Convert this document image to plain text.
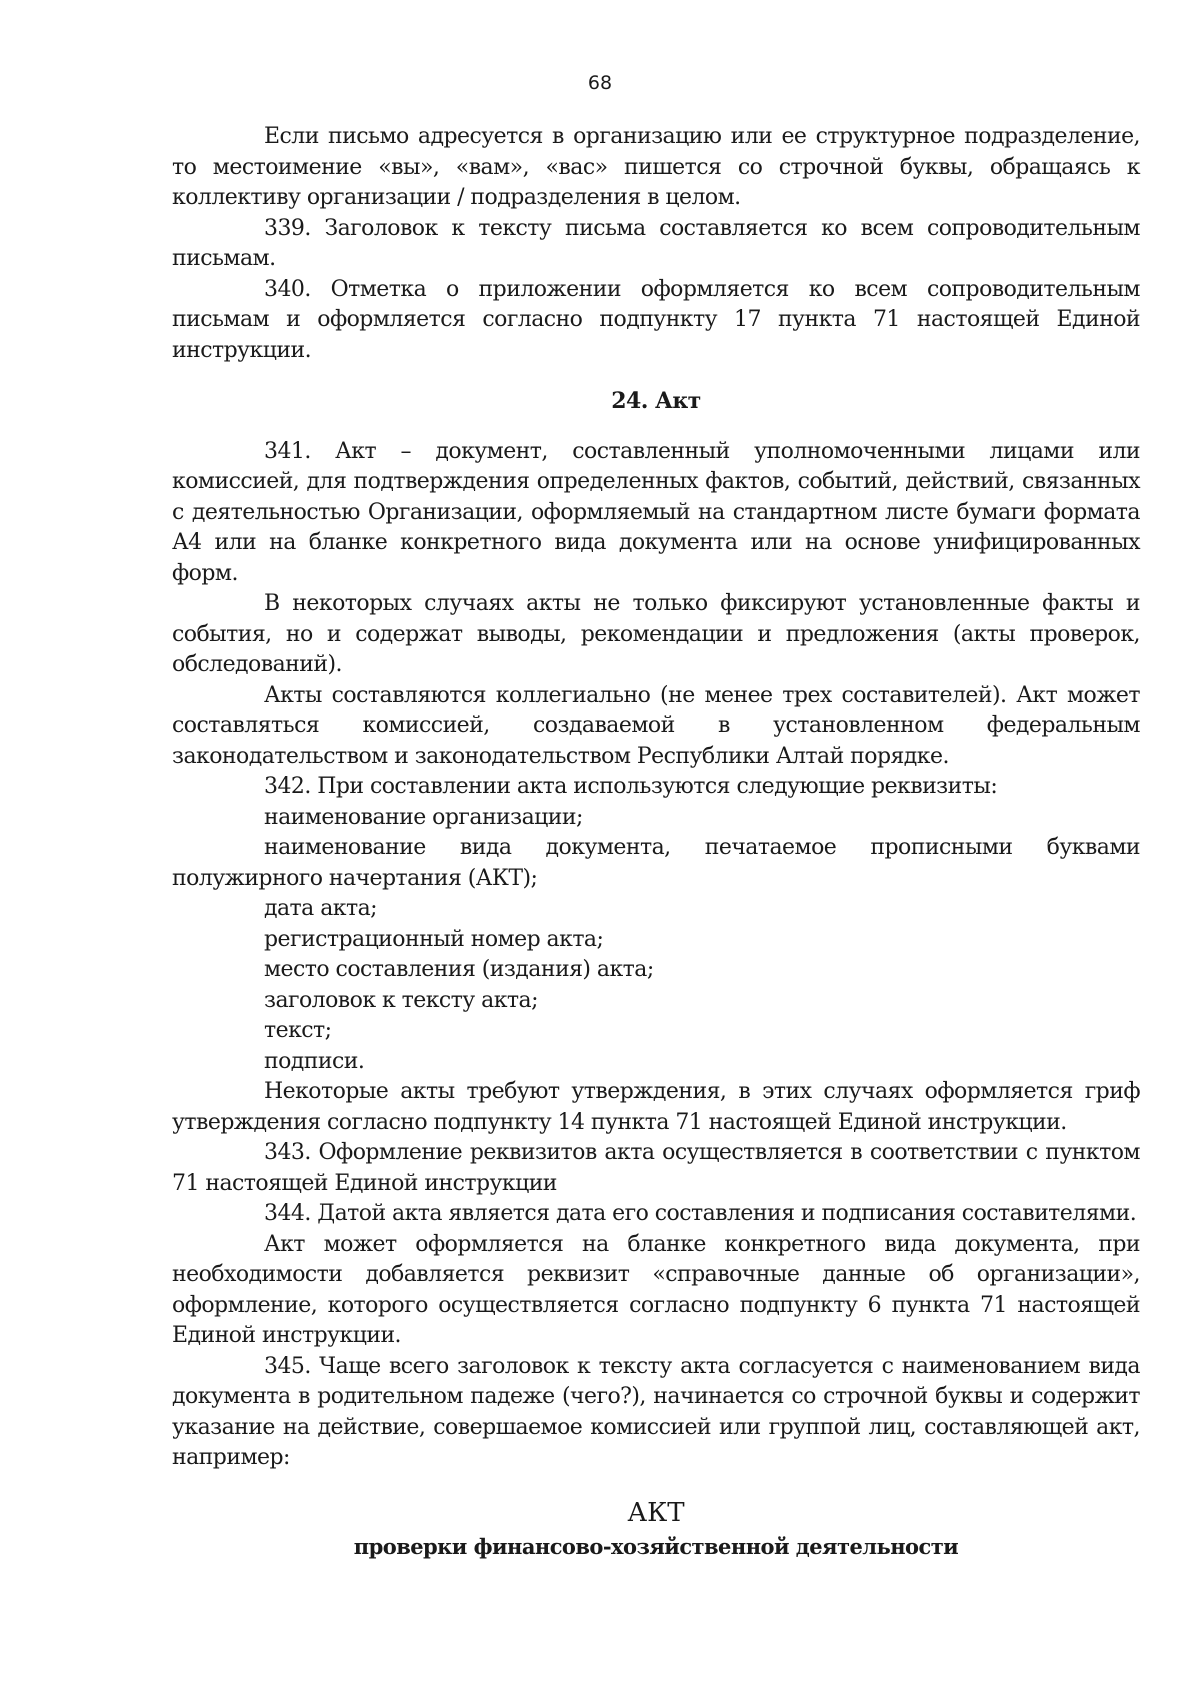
68

Если письмо адресуется в организацию или ее структурное подразделение, то местоимение «вы», «вам», «вас» пишется со строчной буквы, обращаясь к коллективу организации / подразделения в целом.

339. Заголовок к тексту письма составляется ко всем сопроводительным письмам.

340. Отметка о приложении оформляется ко всем сопроводительным письмам и оформляется согласно подпункту 17 пункта 71 настоящей Единой инструкции.

24. Акт

341. Акт – документ, составленный уполномоченными лицами или комиссией, для подтверждения определенных фактов, событий, действий, связанных с деятельностью Организации, оформляемый на стандартном листе бумаги формата А4 или на бланке конкретного вида документа или на основе унифицированных форм.

В некоторых случаях акты не только фиксируют установленные факты и события, но и содержат выводы, рекомендации и предложения (акты проверок, обследований).

Акты составляются коллегиально (не менее трех составителей). Акт может составляться комиссией, создаваемой в установленном федеральным законодательством и законодательством Республики Алтай порядке.

342. При составлении акта используются следующие реквизиты:

наименование организации;

наименование вида документа, печатаемое прописными буквами полужирного начертания (АКТ);

дата акта;

регистрационный номер акта;

место составления (издания) акта;

заголовок к тексту акта;

текст;

подписи.

Некоторые акты требуют утверждения, в этих случаях оформляется гриф утверждения согласно подпункту 14 пункта 71 настоящей Единой инструкции.

343. Оформление реквизитов акта осуществляется в соответствии с пунктом 71 настоящей Единой инструкции

344. Датой акта является дата его составления и подписания составителями.

Акт может оформляется на бланке конкретного вида документа, при необходимости добавляется реквизит «справочные данные об организации», оформление, которого осуществляется согласно подпункту 6 пункта 71 настоящей Единой инструкции.

345. Чаще всего заголовок к тексту акта согласуется с наименованием вида документа в родительном падеже (чего?), начинается со строчной буквы и содержит указание на действие, совершаемое комиссией или группой лиц, составляющей акт, например:

АКТ
проверки финансово-хозяйственной деятельности
